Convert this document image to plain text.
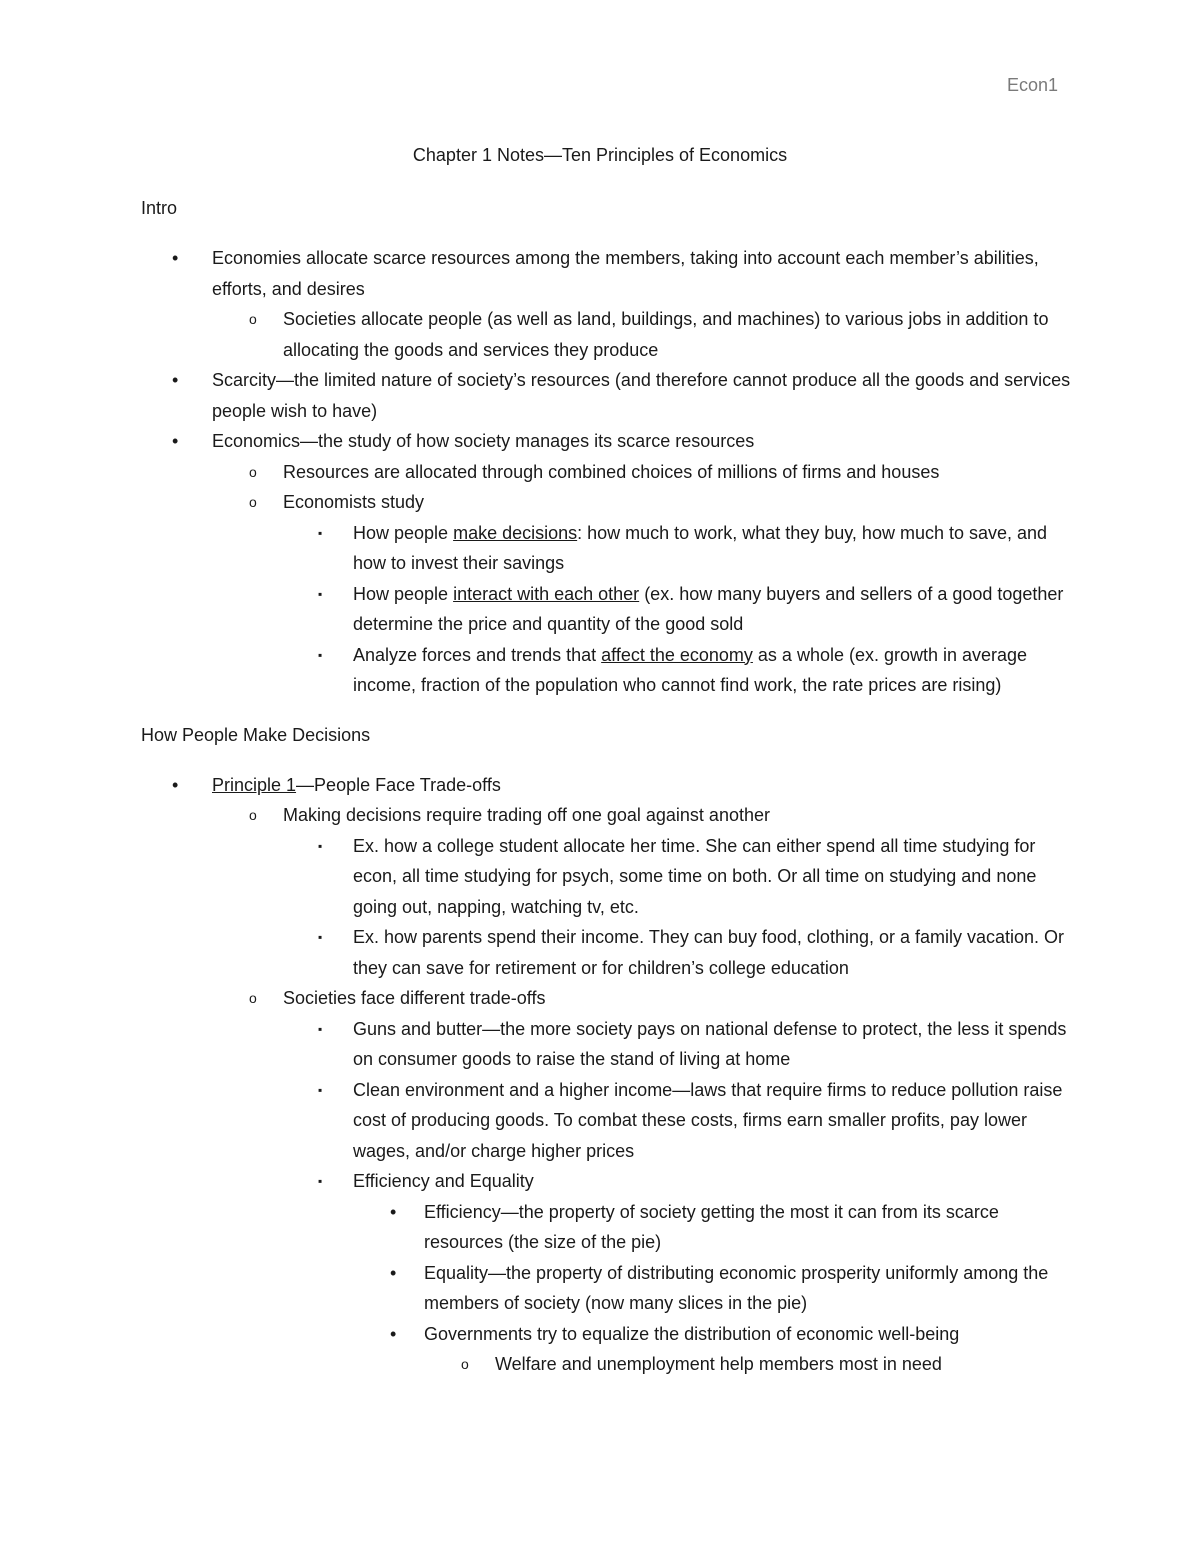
Econ1
Chapter 1 Notes—Ten Principles of Economics

Intro

• Economies allocate scarce resources among the members, taking into account each member’s abilities, efforts, and desires
o Societies allocate people (as well as land, buildings, and machines) to various jobs in addition to allocating the goods and services they produce
• Scarcity—the limited nature of society’s resources (and therefore cannot produce all the goods and services people wish to have)
• Economics—the study of how society manages its scarce resources
o Resources are allocated through combined choices of millions of firms and houses
o Economists study
▪ How people make decisions: how much to work, what they buy, how much to save, and how to invest their savings
▪ How people interact with each other (ex. how many buyers and sellers of a good together determine the price and quantity of the good sold
▪ Analyze forces and trends that affect the economy as a whole (ex. growth in average income, fraction of the population who cannot find work, the rate prices are rising)

How People Make Decisions

• Principle 1—People Face Trade-offs
o Making decisions require trading off one goal against another
▪ Ex. how a college student allocate her time. She can either spend all time studying for econ, all time studying for psych, some time on both. Or all time on studying and none going out, napping, watching tv, etc.
▪ Ex. how parents spend their income. They can buy food, clothing, or a family vacation. Or they can save for retirement or for children’s college education
o Societies face different trade-offs
▪ Guns and butter—the more society pays on national defense to protect, the less it spends on consumer goods to raise the stand of living at home
▪ Clean environment and a higher income—laws that require firms to reduce pollution raise cost of producing goods. To combat these costs, firms earn smaller profits, pay lower wages, and/or charge higher prices
▪ Efficiency and Equality
• Efficiency—the property of society getting the most it can from its scarce resources (the size of the pie)
• Equality—the property of distributing economic prosperity uniformly among the members of society (now many slices in the pie)
• Governments try to equalize the distribution of economic well-being
o Welfare and unemployment help members most in need
